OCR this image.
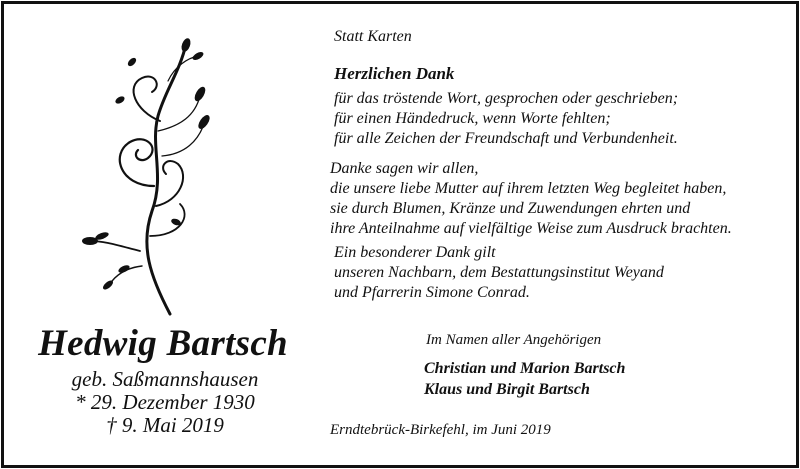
Hedwig Bartsch
geb. Saßmannshausen
* 29. Dezember 1930
† 9. Mai 2019
Statt Karten
Herzlichen Dank
für das tröstende Wort, gesprochen oder geschrieben;
für einen Händedruck, wenn Worte fehlten;
für alle Zeichen der Freundschaft und Verbundenheit.
Danke sagen wir allen,
die unsere liebe Mutter auf ihrem letzten Weg begleitet haben,
sie durch Blumen, Kränze und Zuwendungen ehrten und
ihre Anteilnahme auf vielfältige Weise zum Ausdruck brachten.
Ein besonderer Dank gilt
unseren Nachbarn, dem Bestattungsinstitut Weyand
und Pfarrerin Simone Conrad.
Im Namen aller Angehörigen
Christian und Marion Bartsch
Klaus und Birgit Bartsch
Erndtebrück-Birkefehl, im Juni 2019
